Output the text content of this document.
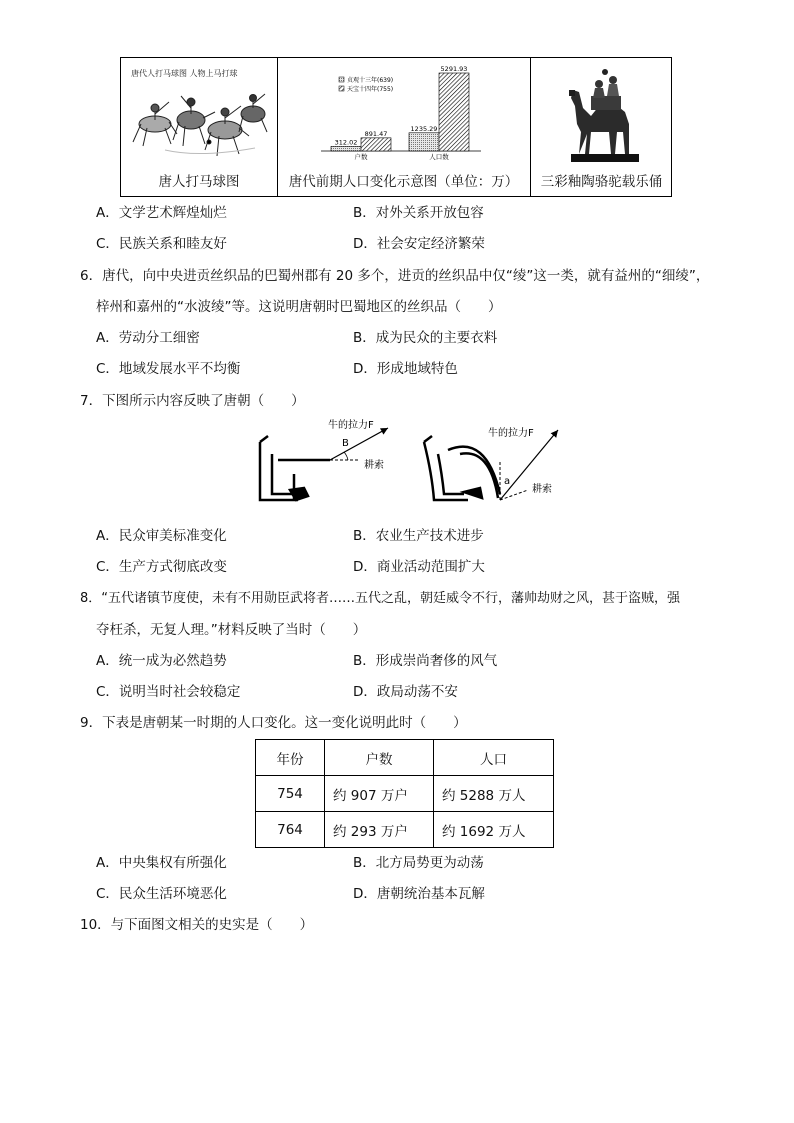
唐代人打马球图 人物上马打球
唐人打马球图
312.02
891.47
户数
1235.29
5291.93
人口数
贞观十三年(639)
天宝十四年(755)
唐代前期人口变化示意图（单位：万）	三彩釉陶骆驼载乐俑
A．文学艺术辉煌灿烂	B．对外关系开放包容
C．民族关系和睦友好	D．社会安定经济繁荣
6．唐代，向中央进贡丝织品的巴蜀州郡有 20 多个，进贡的丝织品中仅“绫”这一类，就有益州的“细绫”，
梓州和嘉州的“水波绫”等。这说明唐朝时巴蜀地区的丝织品（　　）
A．劳动分工细密	B．成为民众的主要衣料
C．地域发展水平不均衡	D．形成地域特色
7．下图所示内容反映了唐朝（　　）
B
牛的拉力F
耕索
a
牛的拉力F
耕索
A．民众审美标准变化	B．农业生产技术进步
C．生产方式彻底改变	D．商业活动范围扩大
8．“五代诸镇节度使，未有不用勋臣武将者……五代之乱，朝廷威令不行，藩帅劫财之风，甚于盗贼，强
夺枉杀，无复人理。”材料反映了当时（　　）
A．统一成为必然趋势	B．形成崇尚奢侈的风气
C．说明当时社会较稳定	D．政局动荡不安
9．下表是唐朝某一时期的人口变化。这一变化说明此时（　　）
年份	户数	人口
754	约 907 万户	约 5288 万人
764	约 293 万户	约 1692 万人
A．中央集权有所强化	B．北方局势更为动荡
C．民众生活环境恶化	D．唐朝统治基本瓦解
10．与下面图文相关的史实是（　　）
